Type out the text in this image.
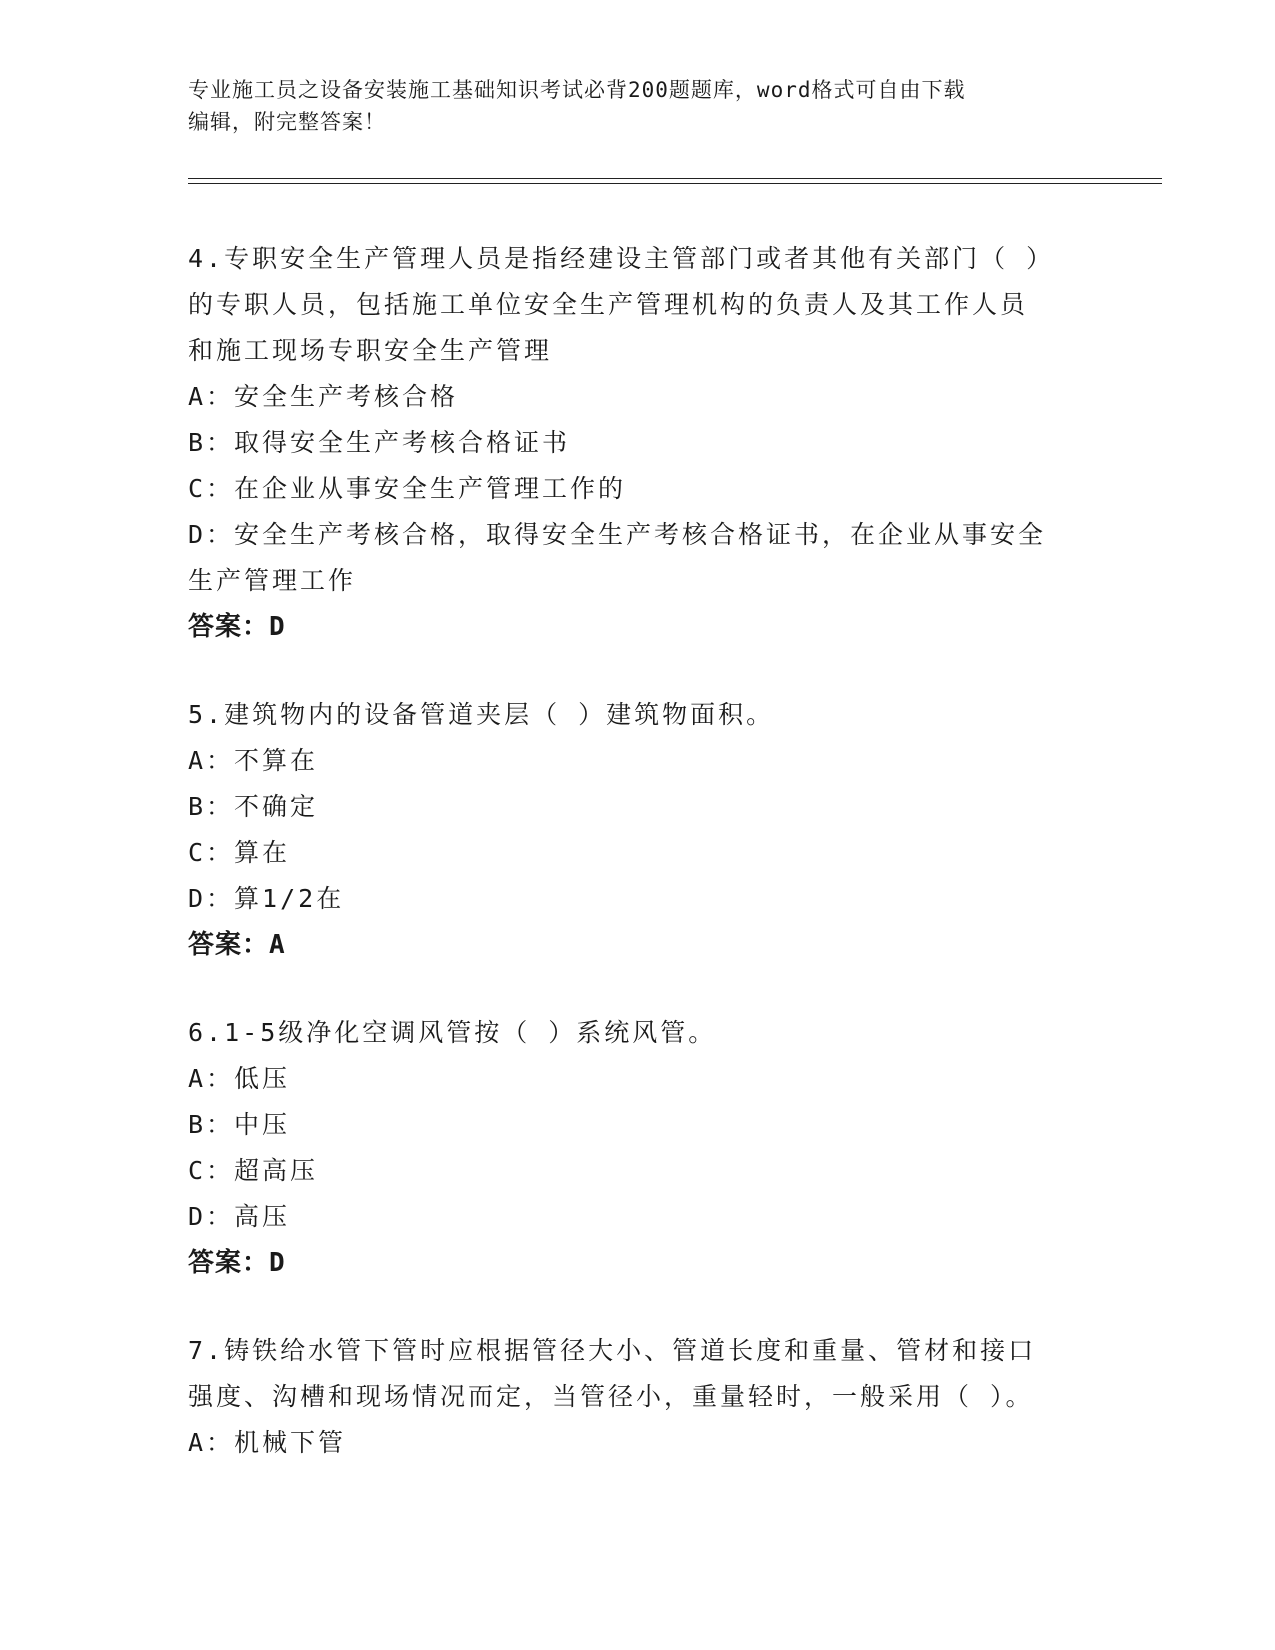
专业施工员之设备安装施工基础知识考试必背200题题库，word格式可自由下载
编辑，附完整答案！
4.专职安全生产管理人员是指经建设主管部门或者其他有关部门（ ）
的专职人员，包括施工单位安全生产管理机构的负责人及其工作人员
和施工现场专职安全生产管理
A：安全生产考核合格
B：取得安全生产考核合格证书
C：在企业从事安全生产管理工作的
D：安全生产考核合格，取得安全生产考核合格证书，在企业从事安全
生产管理工作
答案：D
5.建筑物内的设备管道夹层（ ）建筑物面积。
A：不算在
B：不确定
C：算在
D：算1/2在
答案：A
6.1-5级净化空调风管按（ ）系统风管。
A：低压
B：中压
C：超高压
D：高压
答案：D
7.铸铁给水管下管时应根据管径大小、管道长度和重量、管材和接口
强度、沟槽和现场情况而定，当管径小，重量轻时，一般采用（ ）。
A：机械下管
